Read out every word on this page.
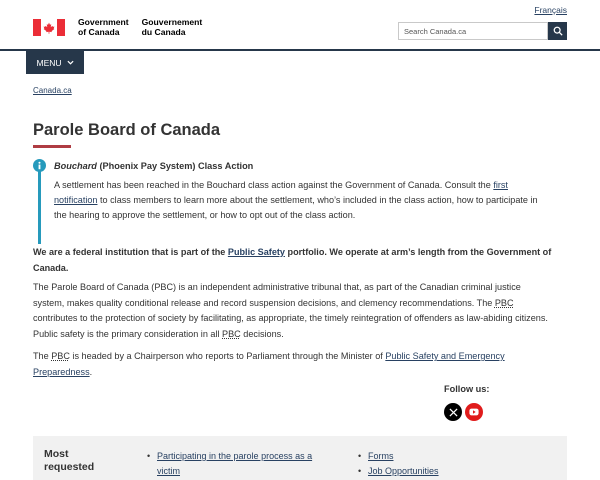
Français
Government
of Canada
Gouvernement
du Canada
Search Canada.ca
MENU
Canada.ca
Parole Board of Canada
Bouchard (Phoenix Pay System) Class Action

A settlement has been reached in the Bouchard class action against the Government of Canada. Consult the first notification to class members to learn more about the settlement, who’s included in the class action, how to participate in the hearing to approve the settlement, or how to opt out of the class action.

We are a federal institution that is part of the Public Safety portfolio. We operate at arm’s length from the Government of Canada.

The Parole Board of Canada (PBC) is an independent administrative tribunal that, as part of the Canadian criminal justice system, makes quality conditional release and record suspension decisions, and clemency recommendations. The PBC contributes to the protection of society by facilitating, as appropriate, the timely reintegration of offenders as law-abiding citizens. Public safety is the primary consideration in all PBC decisions.

The PBC is headed by a Chairperson who reports to Parliament through the Minister of Public Safety and Emergency Preparedness.

Follow us:
Most
requested
• Participating in the parole process as a victim
• Forms
• Job Opportunities
